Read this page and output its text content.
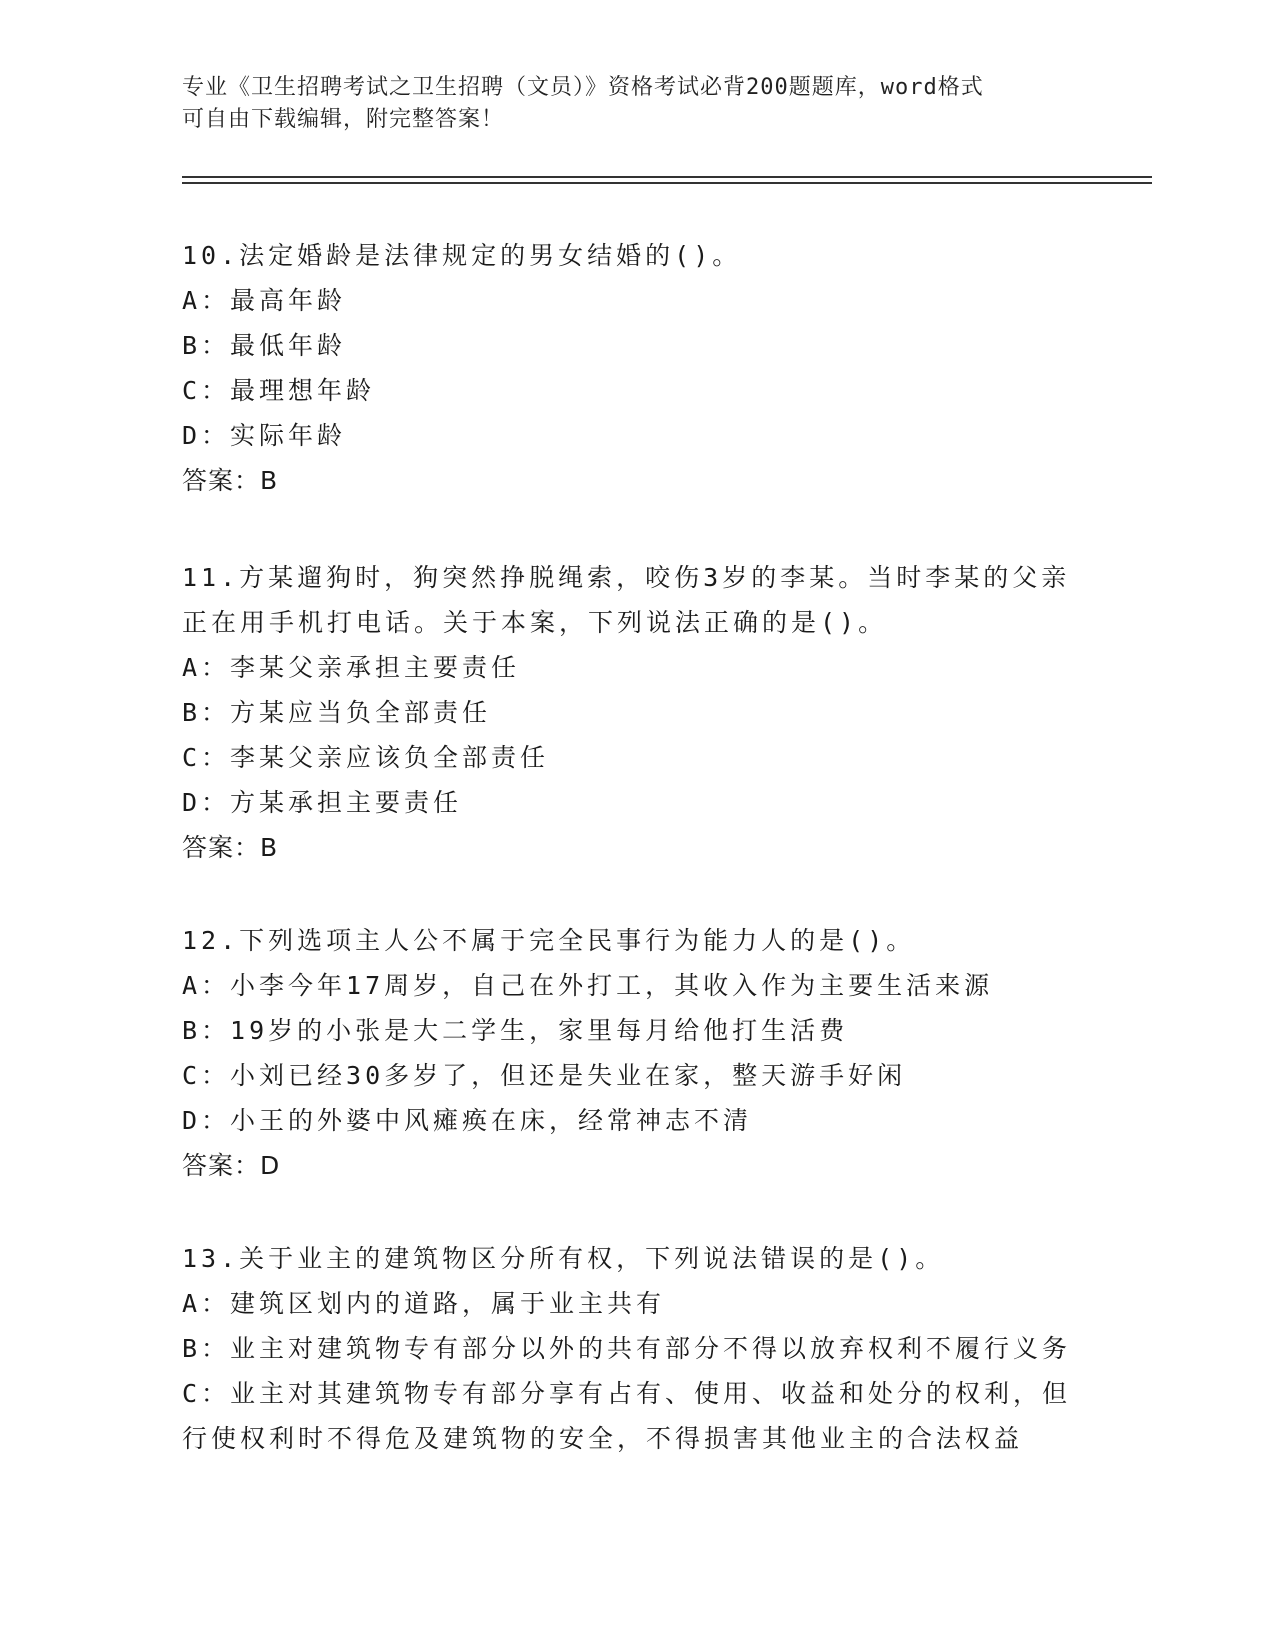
专业《卫生招聘考试之卫生招聘（文员）》资格考试必背200题题库，word格式
可自由下载编辑，附完整答案！

10.法定婚龄是法律规定的男女结婚的()。

A：最高年龄

B：最低年龄

C：最理想年龄

D：实际年龄

答案：B

11.方某遛狗时，狗突然挣脱绳索，咬伤3岁的李某。当时李某的父亲

正在用手机打电话。关于本案，下列说法正确的是()。

A：李某父亲承担主要责任

B：方某应当负全部责任

C：李某父亲应该负全部责任

D：方某承担主要责任

答案：B

12.下列选项主人公不属于完全民事行为能力人的是()。

A：小李今年17周岁，自己在外打工，其收入作为主要生活来源

B：19岁的小张是大二学生，家里每月给他打生活费

C：小刘已经30多岁了，但还是失业在家，整天游手好闲

D：小王的外婆中风瘫痪在床，经常神志不清

答案：D

13.关于业主的建筑物区分所有权，下列说法错误的是()。

A：建筑区划内的道路，属于业主共有

B：业主对建筑物专有部分以外的共有部分不得以放弃权利不履行义务

C：业主对其建筑物专有部分享有占有、使用、收益和处分的权利，但

行使权利时不得危及建筑物的安全，不得损害其他业主的合法权益
